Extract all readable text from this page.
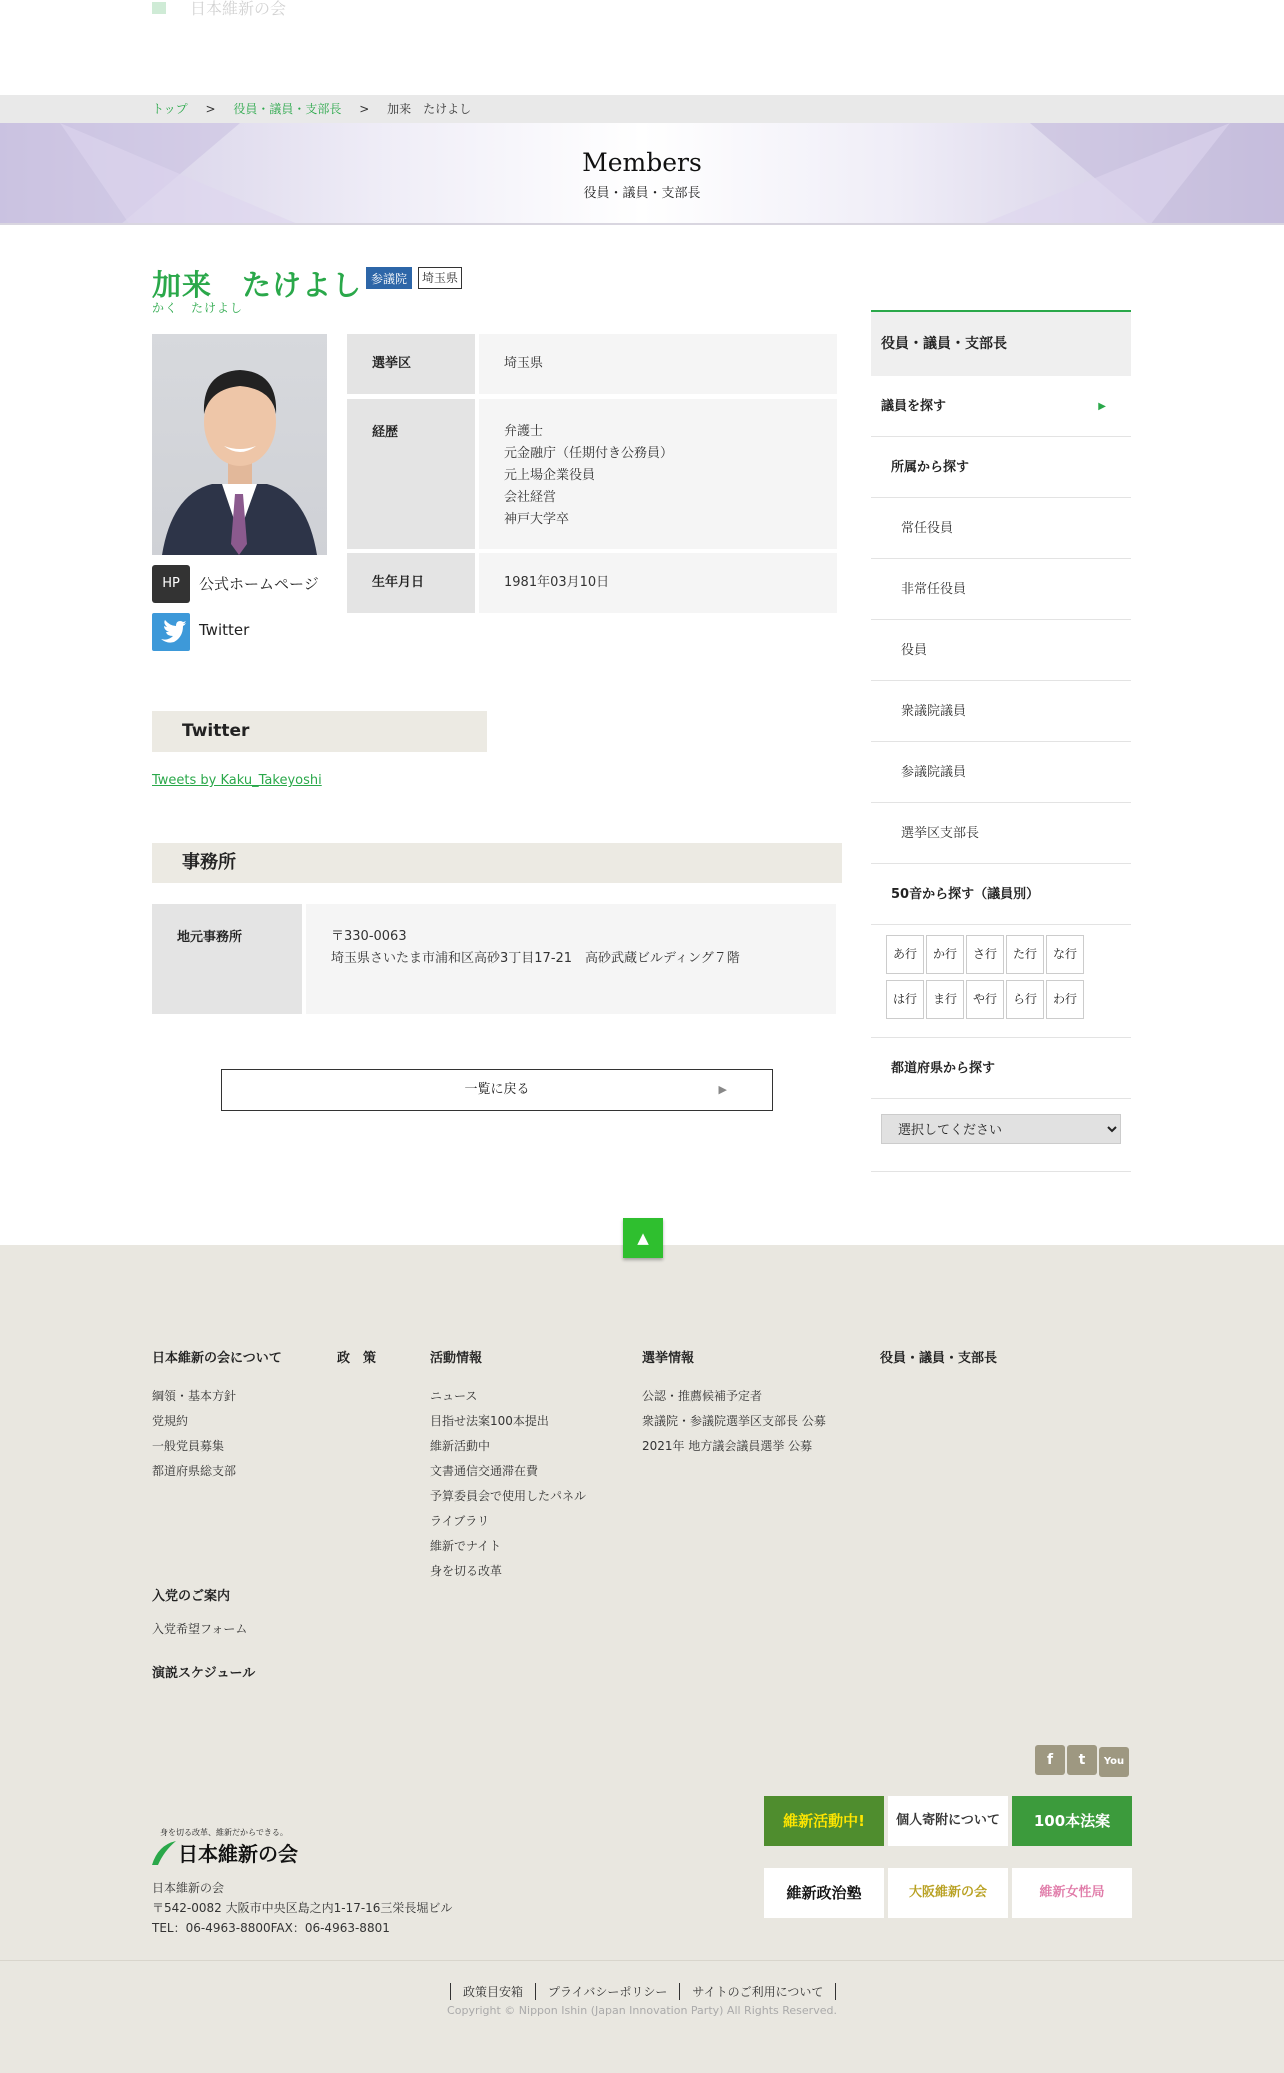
日本維新の会
トップ > 役員・議員・支部長 > 加来　たけよし
Members
役員・議員・支部長
加来　たけよし 参議院	埼玉県
かく　たけよし
HP	公式ホームページ
Twitter
選挙区	埼玉県
経歴	弁護士
元金融庁（任期付き公務員）
元上場企業役員
会社経営
神戸大学卒
生年月日	1981年03月10日
Twitter
Tweets by Kaku_Takeyoshi
事務所
地元事務所	〒330-0063
埼玉県さいたま市浦和区高砂3丁目17-21　高砂武蔵ビルディング７階
一覧に戻る	▶
役員・議員・支部長
議員を探す	▶
所属から探す
常任役員
非常任役員
役員
衆議院議員
参議院議員
選挙区支部長
50音から探す（議員別）
あ行 か行 さ行 た行 な行
は行 ま行 や行 ら行 わ行
都道府県から探す
選択してください
▲
日本維新の会について
綱領・基本方針
党規約
一般党員募集
都道府県総支部
政　策	活動情報
ニュース
目指せ法案100本提出
維新活動中
文書通信交通滞在費
予算委員会で使用したパネル
ライブラリ
維新でナイト
身を切る改革
選挙情報
公認・推薦候補予定者
衆議院・参議院選挙区支部長 公募
2021年 地方議会議員選挙 公募
役員・議員・支部長
入党のご案内
入党希望フォーム
演説スケジュール
f t You
維新活動中!	個人寄附について	100本法案
維新政治塾	大阪維新の会	維新女性局
身を切る改革、維新だからできる。
日本維新の会
日本維新の会
〒542-0082 大阪市中央区島之内1-17-16三栄長堀ビル
TEL：06-4963-8800FAX：06-4963-8801
政策目安箱 プライバシーポリシー サイトのご利用について
Copyright © Nippon Ishin (Japan Innovation Party) All Rights Reserved.
